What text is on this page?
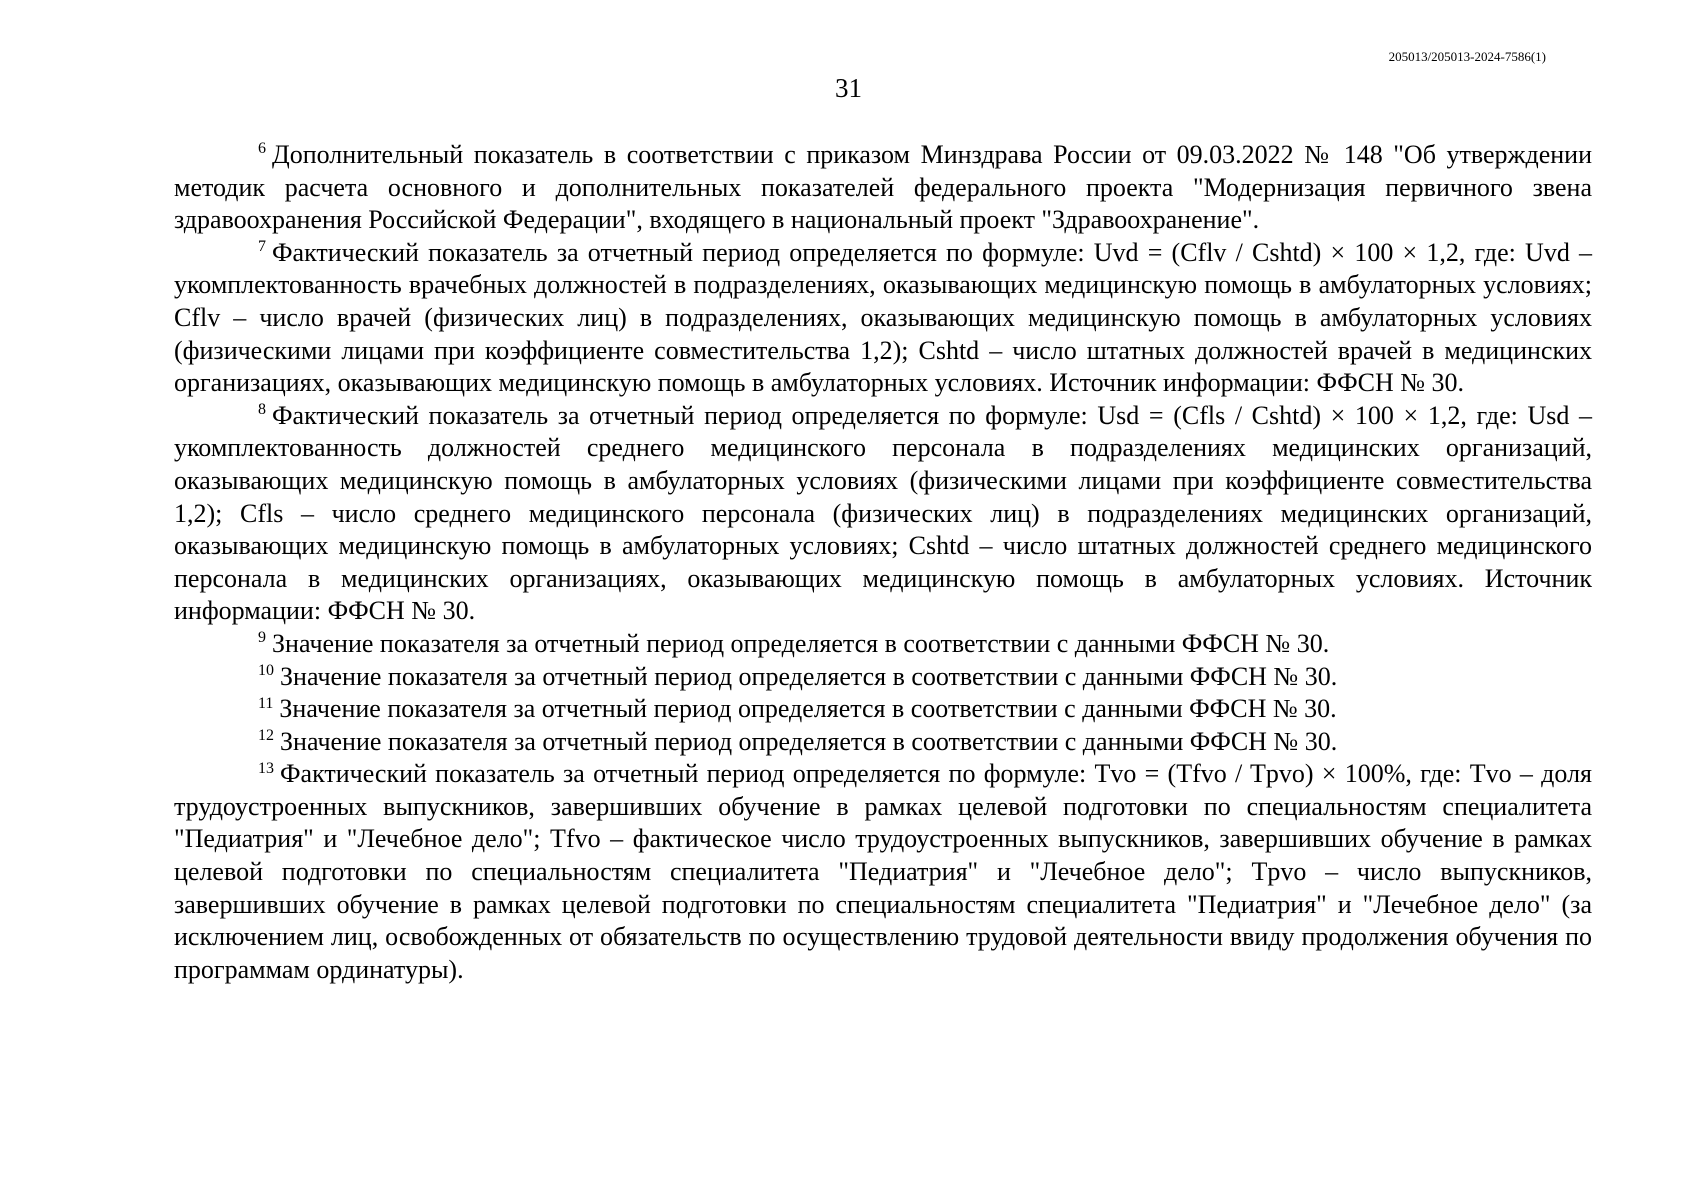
205013/205013-2024-7586(1)
31

$^6$ Дополнительный показатель в соответствии с приказом Минздрава России от 09.03.2022 № 148 "Об утверждении методик расчета основного и дополнительных показателей федерального проекта "Модернизация первичного звена здравоохранения Российской Федерации", входящего в национальный проект "Здравоохранение".

$^7$ Фактический показатель за отчетный период определяется по формуле: Uvd = (Cflv / Cshtd) × 100 × 1,2, где: Uvd – укомплектованность врачебных должностей в подразделениях, оказывающих медицинскую помощь в амбулаторных условиях; Cflv – число врачей (физических лиц) в подразделениях, оказывающих медицинскую помощь в амбулаторных условиях (физическими лицами при коэффициенте совместительства 1,2); Cshtd – число штатных должностей врачей в медицинских организациях, оказывающих медицинскую помощь в амбулаторных условиях. Источник информации: ФФСН № 30.

$^8$ Фактический показатель за отчетный период определяется по формуле: Usd = (Cfls / Cshtd) × 100 × 1,2, где: Usd – укомплектованность должностей среднего медицинского персонала в подразделениях медицинских организаций, оказывающих медицинскую помощь в амбулаторных условиях (физическими лицами при коэффициенте совместительства 1,2); Cfls – число среднего медицинского персонала (физических лиц) в подразделениях медицинских организаций, оказывающих медицинскую помощь в амбулаторных условиях; Cshtd – число штатных должностей среднего медицинского персонала в медицинских организациях, оказывающих медицинскую помощь в амбулаторных условиях. Источник информации: ФФСН № 30.

$^9$ Значение показателя за отчетный период определяется в соответствии с данными ФФСН № 30.

$^{10}$ Значение показателя за отчетный период определяется в соответствии с данными ФФСН № 30.

$^{11}$ Значение показателя за отчетный период определяется в соответствии с данными ФФСН № 30.

$^{12}$ Значение показателя за отчетный период определяется в соответствии с данными ФФСН № 30.

$^{13}$ Фактический показатель за отчетный период определяется по формуле: Tvo = (Tfvo / Tpvo) × 100%, где: Tvo – доля трудоустроенных выпускников, завершивших обучение в рамках целевой подготовки по специальностям специалитета "Педиатрия" и "Лечебное дело"; Tfvo – фактическое число трудоустроенных выпускников, завершивших обучение в рамках целевой подготовки по специальностям специалитета "Педиатрия" и "Лечебное дело"; Tpvo – число выпускников, завершивших обучение в рамках целевой подготовки по специальностям специалитета "Педиатрия" и "Лечебное дело" (за исключением лиц, освобожденных от обязательств по осуществлению трудовой деятельности ввиду продолжения обучения по программам ординатуры).
